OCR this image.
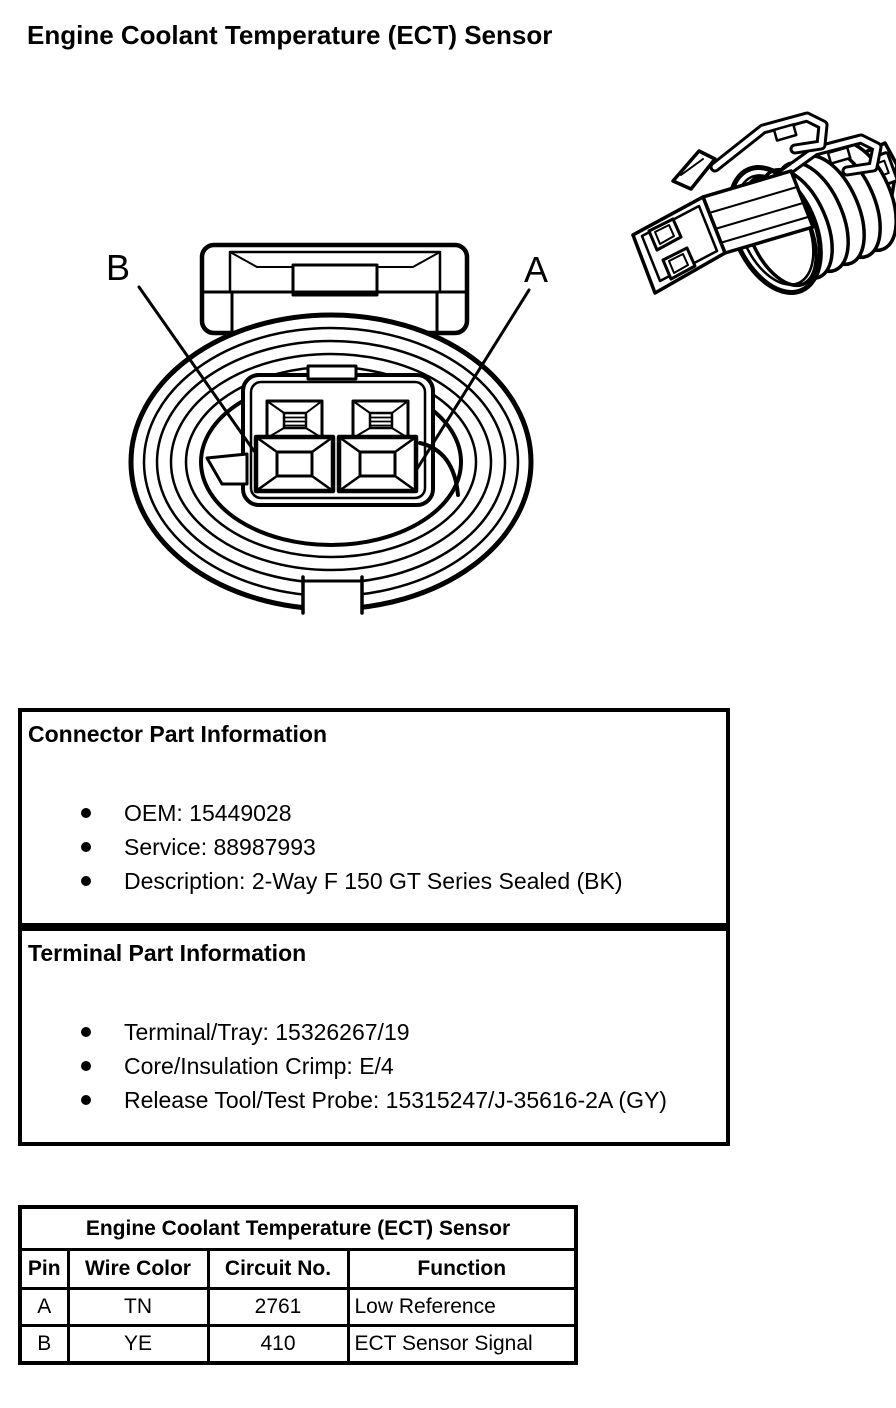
Engine Coolant Temperature (ECT) Sensor
B	A
Connector Part Information
OEM: 15449028
Service: 88987993
Description: 2-Way F 150 GT Series Sealed (BK)
Terminal Part Information
Terminal/Tray: 15326267/19
Core/Insulation Crimp: E/4
Release Tool/Test Probe: 15315247/J-35616-2A (GY)
Engine Coolant Temperature (ECT) Sensor			
Pin	Wire Color	Circuit No.	Function
A	TN	2761	Low Reference
B	YE	410	ECT Sensor Signal
